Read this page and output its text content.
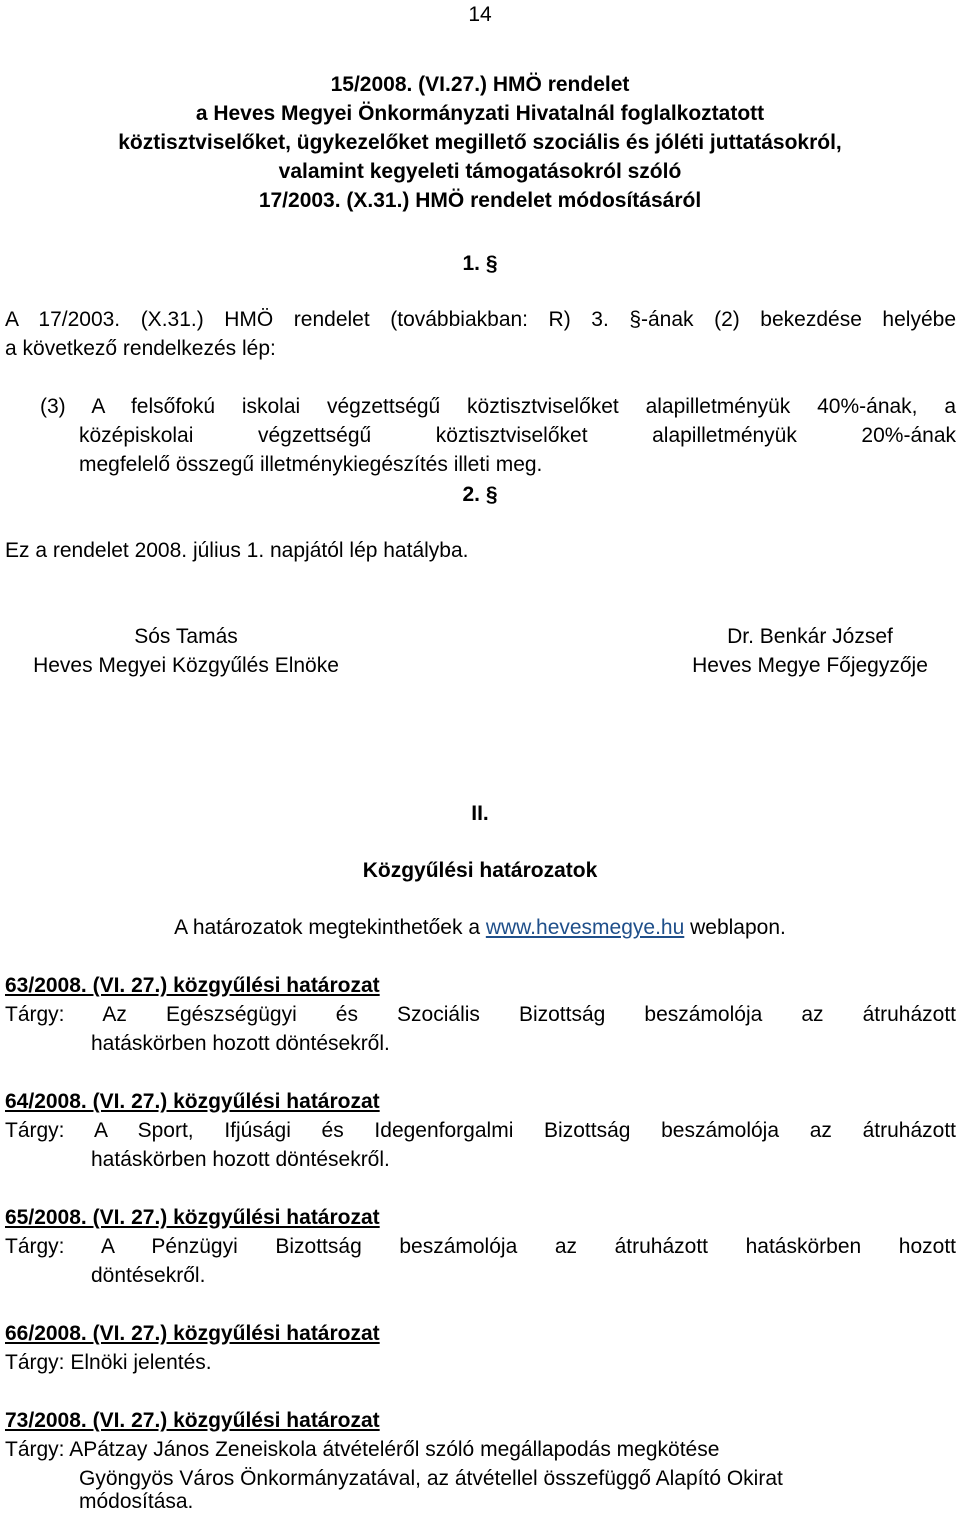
14
15/2008. (VI.27.) HMÖ rendelet
a Heves Megyei Önkormányzati Hivatalnál foglalkoztatott
köztisztviselőket, ügykezelőket megillető szociális és jóléti juttatásokról,
valamint kegyeleti támogatásokról szóló
17/2003. (X.31.) HMÖ rendelet módosításáról
1. §
A 17/2003. (X.31.) HMÖ rendelet (továbbiakban: R) 3. §-ának (2) bekezdése helyébe
a következő rendelkezés lép:
(3) A felsőfokú iskolai végzettségű köztisztviselőket alapilletményük 40%-ának, a
középiskolai végzettségű köztisztviselőket alapilletményük 20%-ának
megfelelő összegű illetménykiegészítés illeti meg.
2. §
Ez a rendelet 2008. július 1. napjától lép hatályba.
Sós Tamás
Heves Megyei Közgyűlés Elnöke
Dr. Benkár József
Heves Megye Főjegyzője
II.
Közgyűlési határozatok
A határozatok megtekinthetőek a www.hevesmegye.hu weblapon.
63/2008. (VI. 27.) közgyűlési határozat
Tárgy: Az Egészségügyi és Szociális Bizottság beszámolója az átruházott
hatáskörben hozott döntésekről.
64/2008. (VI. 27.) közgyűlési határozat
Tárgy: A Sport, Ifjúsági és Idegenforgalmi Bizottság beszámolója az átruházott
hatáskörben hozott döntésekről.
65/2008. (VI. 27.) közgyűlési határozat
Tárgy: A Pénzügyi Bizottság beszámolója az átruházott hatáskörben hozott
döntésekről.
66/2008. (VI. 27.) közgyűlési határozat
Tárgy: Elnöki jelentés.
73/2008. (VI. 27.) közgyűlési határozat
Tárgy: APátzay János Zeneiskola átvételéről szóló megállapodás megkötése
Gyöngyös Város Önkormányzatával, az átvétellel összefüggő Alapító Okirat
módosítása.
